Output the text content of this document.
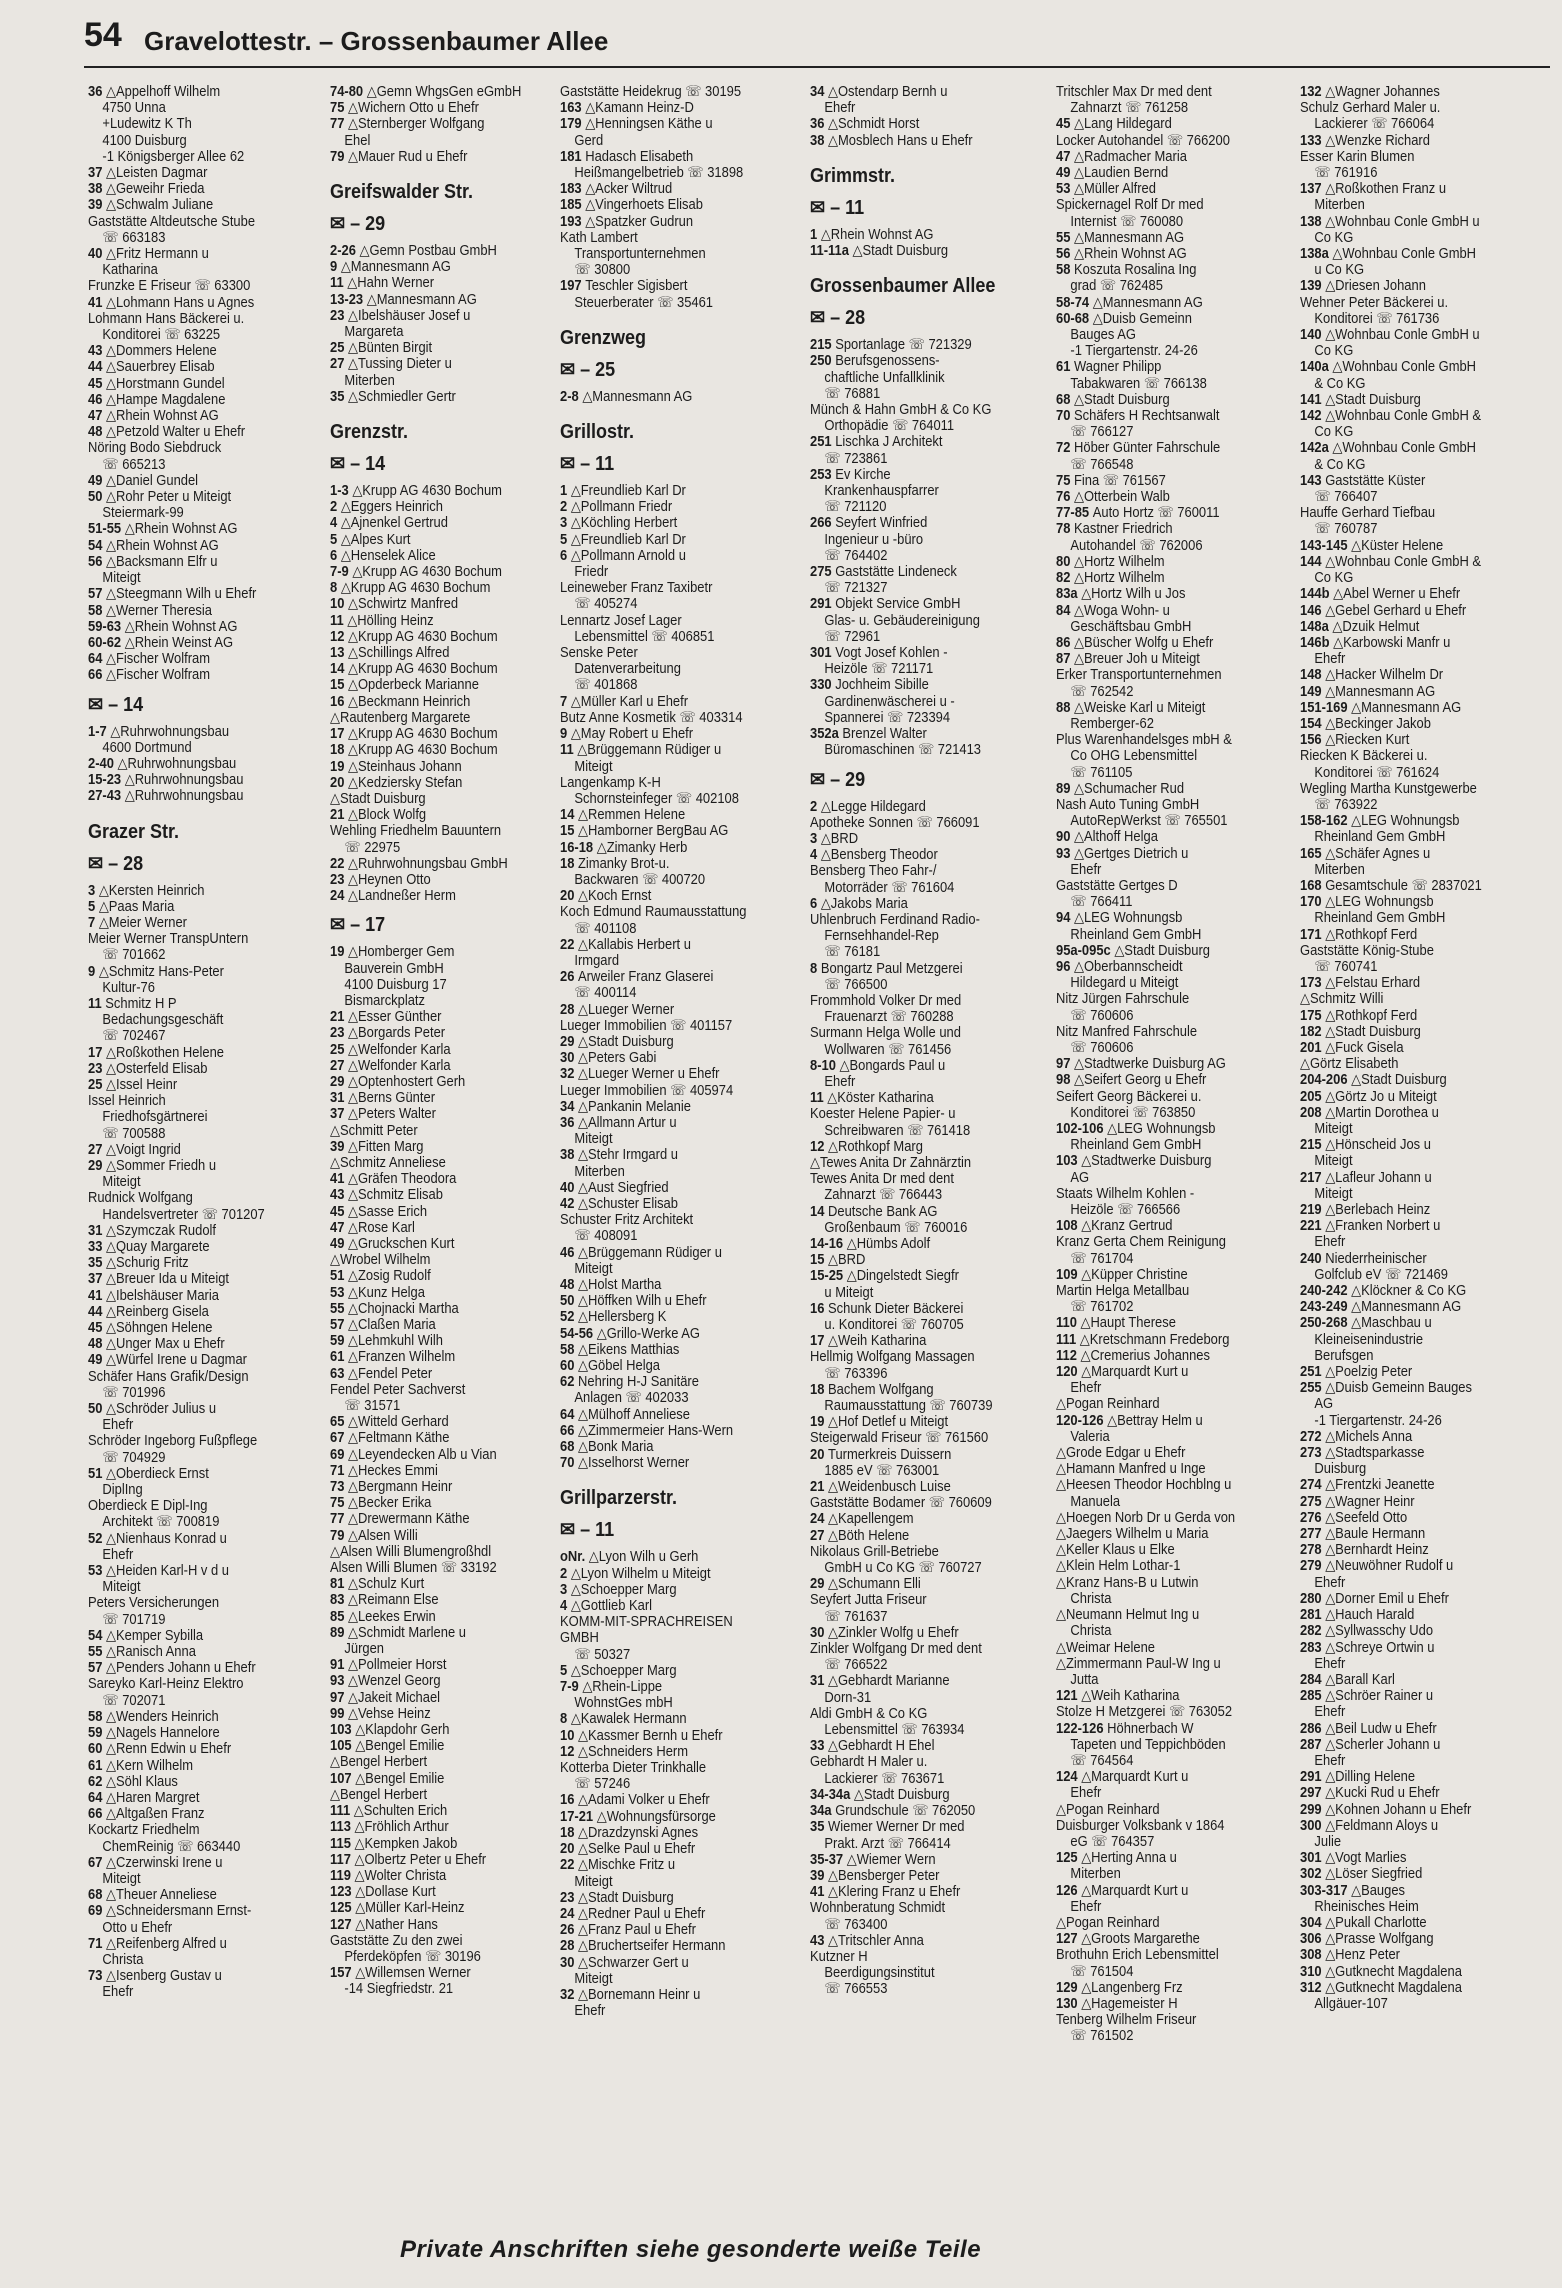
54 Gravelottestr. – Grossenbaumer Allee
36 △Appelhoff Wilhelm
4750 Unna
+Ludewitz K Th
4100 Duisburg
-1 Königsberger Allee 62
37 △Leisten Dagmar
38 △Geweihr Frieda
39 △Schwalm Juliane
Gaststätte Altdeutsche Stube
☏ 663183
40 △Fritz Hermann u
Katharina
Frunzke E Friseur ☏ 63300
41 △Lohmann Hans u Agnes
Lohmann Hans Bäckerei u.
Konditorei ☏ 63225
43 △Dommers Helene
44 △Sauerbrey Elisab
45 △Horstmann Gundel
46 △Hampe Magdalene
47 △Rhein Wohnst AG
48 △Petzold Walter u Ehefr
Nöring Bodo Siebdruck
☏ 665213
49 △Daniel Gundel
50 △Rohr Peter u Miteigt
Steiermark-99
51-55 △Rhein Wohnst AG
54 △Rhein Wohnst AG
56 △Backsmann Elfr u
Miteigt
57 △Steegmann Wilh u Ehefr
58 △Werner Theresia
59-63 △Rhein Wohnst AG
60-62 △Rhein Weinst AG
64 △Fischer Wolfram
66 △Fischer Wolfram
✉ – 14
1-7 △Ruhrwohnungsbau
4600 Dortmund
2-40 △Ruhrwohnungsbau
15-23 △Ruhrwohnungsbau
27-43 △Ruhrwohnungsbau
Grazer Str.
✉ – 28
3 △Kersten Heinrich
5 △Paas Maria
7 △Meier Werner
Meier Werner TranspUntern
☏ 701662
9 △Schmitz Hans-Peter
Kultur-76
11 Schmitz H P
Bedachungsgeschäft
☏ 702467
17 △Roßkothen Helene
23 △Osterfeld Elisab
25 △Issel Heinr
Issel Heinrich
Friedhofsgärtnerei
☏ 700588
27 △Voigt Ingrid
29 △Sommer Friedh u
Miteigt
Rudnick Wolfgang
Handelsvertreter ☏ 701207
31 △Szymczak Rudolf
33 △Quay Margarete
35 △Schurig Fritz
37 △Breuer Ida u Miteigt
41 △Ibelshäuser Maria
44 △Reinberg Gisela
45 △Söhngen Helene
48 △Unger Max u Ehefr
49 △Würfel Irene u Dagmar
Schäfer Hans Grafik/Design
☏ 701996
50 △Schröder Julius u
Ehefr
Schröder Ingeborg Fußpflege
☏ 704929
51 △Oberdieck Ernst
DiplIng
Oberdieck E Dipl-Ing
Architekt ☏ 700819
52 △Nienhaus Konrad u
Ehefr
53 △Heiden Karl-H v d u
Miteigt
Peters Versicherungen
☏ 701719
54 △Kemper Sybilla
55 △Ranisch Anna
57 △Penders Johann u Ehefr
Sareyko Karl-Heinz Elektro
☏ 702071
58 △Wenders Heinrich
59 △Nagels Hannelore
60 △Renn Edwin u Ehefr
61 △Kern Wilhelm
62 △Söhl Klaus
64 △Haren Margret
66 △Altgaßen Franz
Kockartz Friedhelm
ChemReinig ☏ 663440
67 △Czerwinski Irene u
Miteigt
68 △Theuer Anneliese
69 △Schneidersmann Ernst-
Otto u Ehefr
71 △Reifenberg Alfred u
Christa
73 △Isenberg Gustav u
Ehefr
74-80 △Gemn WhgsGen eGmbH
75 △Wichern Otto u Ehefr
77 △Sternberger Wolfgang
Ehel
79 △Mauer Rud u Ehefr
Greifswalder Str.
✉ – 29
2-26 △Gemn Postbau GmbH
9 △Mannesmann AG
11 △Hahn Werner
13-23 △Mannesmann AG
23 △Ibelshäuser Josef u
Margareta
25 △Bünten Birgit
27 △Tussing Dieter u
Miterben
35 △Schmiedler Gertr
Grenzstr.
✉ – 14
1-3 △Krupp AG 4630 Bochum
2 △Eggers Heinrich
4 △Ajnenkel Gertrud
5 △Alpes Kurt
6 △Henselek Alice
7-9 △Krupp AG 4630 Bochum
8 △Krupp AG 4630 Bochum
10 △Schwirtz Manfred
11 △Hölling Heinz
12 △Krupp AG 4630 Bochum
13 △Schillings Alfred
14 △Krupp AG 4630 Bochum
15 △Opderbeck Marianne
16 △Beckmann Heinrich
△Rautenberg Margarete
17 △Krupp AG 4630 Bochum
18 △Krupp AG 4630 Bochum
19 △Steinhaus Johann
20 △Kedziersky Stefan
△Stadt Duisburg
21 △Block Wolfg
Wehling Friedhelm Bauuntern
☏ 22975
22 △Ruhrwohnungsbau GmbH
23 △Heynen Otto
24 △Landneßer Herm
✉ – 17
19 △Homberger Gem
Bauverein GmbH
4100 Duisburg 17
Bismarckplatz
21 △Esser Günther
23 △Borgards Peter
25 △Welfonder Karla
27 △Welfonder Karla
29 △Optenhostert Gerh
31 △Berns Günter
37 △Peters Walter
△Schmitt Peter
39 △Fitten Marg
△Schmitz Anneliese
41 △Gräfen Theodora
43 △Schmitz Elisab
45 △Sasse Erich
47 △Rose Karl
49 △Gruckschen Kurt
△Wrobel Wilhelm
51 △Zosig Rudolf
53 △Kunz Helga
55 △Chojnacki Martha
57 △Claßen Maria
59 △Lehmkuhl Wilh
61 △Franzen Wilhelm
63 △Fendel Peter
Fendel Peter Sachverst
☏ 31571
65 △Witteld Gerhard
67 △Feltmann Käthe
69 △Leyendecken Alb u Vian
71 △Heckes Emmi
73 △Bergmann Heinr
75 △Becker Erika
77 △Drewermann Käthe
79 △Alsen Willi
△Alsen Willi Blumengroßhdl
Alsen Willi Blumen ☏ 33192
81 △Schulz Kurt
83 △Reimann Else
85 △Leekes Erwin
89 △Schmidt Marlene u
Jürgen
91 △Pollmeier Horst
93 △Wenzel Georg
97 △Jakeit Michael
99 △Vehse Heinz
103 △Klapdohr Gerh
105 △Bengel Emilie
△Bengel Herbert
107 △Bengel Emilie
△Bengel Herbert
111 △Schulten Erich
113 △Fröhlich Arthur
115 △Kempken Jakob
117 △Olbertz Peter u Ehefr
119 △Wolter Christa
123 △Dollase Kurt
125 △Müller Karl-Heinz
127 △Nather Hans
Gaststätte Zu den zwei
Pferdeköpfen ☏ 30196
157 △Willemsen Werner
-14 Siegfriedstr. 21
Gaststätte Heidekrug ☏ 30195
163 △Kamann Heinz-D
179 △Henningsen Käthe u
Gerd
181 Hadasch Elisabeth
Heißmangelbetrieb ☏ 31898
183 △Acker Wiltrud
185 △Vingerhoets Elisab
193 △Spatzker Gudrun
Kath Lambert
Transportunternehmen
☏ 30800
197 Teschler Sigisbert
Steuerberater ☏ 35461
Grenzweg
✉ – 25
2-8 △Mannesmann AG
Grillostr.
✉ – 11
1 △Freundlieb Karl Dr
2 △Pollmann Friedr
3 △Köchling Herbert
5 △Freundlieb Karl Dr
6 △Pollmann Arnold u
Friedr
Leineweber Franz Taxibetr
☏ 405274
Lennartz Josef Lager
Lebensmittel ☏ 406851
Senske Peter
Datenverarbeitung
☏ 401868
7 △Müller Karl u Ehefr
Butz Anne Kosmetik ☏ 403314
9 △May Robert u Ehefr
11 △Brüggemann Rüdiger u
Miteigt
Langenkamp K-H
Schornsteinfeger ☏ 402108
14 △Remmen Helene
15 △Hamborner BergBau AG
16-18 △Zimanky Herb
18 Zimanky Brot-u.
Backwaren ☏ 400720
20 △Koch Ernst
Koch Edmund Raumausstattung
☏ 401108
22 △Kallabis Herbert u
Irmgard
26 Arweiler Franz Glaserei
☏ 400114
28 △Lueger Werner
Lueger Immobilien ☏ 401157
29 △Stadt Duisburg
30 △Peters Gabi
32 △Lueger Werner u Ehefr
Lueger Immobilien ☏ 405974
34 △Pankanin Melanie
36 △Allmann Artur u
Miteigt
38 △Stehr Irmgard u
Miterben
40 △Aust Siegfried
42 △Schuster Elisab
Schuster Fritz Architekt
☏ 408091
46 △Brüggemann Rüdiger u
Miteigt
48 △Holst Martha
50 △Höffken Wilh u Ehefr
52 △Hellersberg K
54-56 △Grillo-Werke AG
58 △Eikens Matthias
60 △Göbel Helga
62 Nehring H-J Sanitäre
Anlagen ☏ 402033
64 △Mülhoff Anneliese
66 △Zimmermeier Hans-Wern
68 △Bonk Maria
70 △Isselhorst Werner
Grillparzerstr.
✉ – 11
oNr. △Lyon Wilh u Gerh
2 △Lyon Wilhelm u Miteigt
3 △Schoepper Marg
4 △Gottlieb Karl
KOMM-MIT-SPRACHREISEN GMBH
☏ 50327
5 △Schoepper Marg
7-9 △Rhein-Lippe
WohnstGes mbH
8 △Kawalek Hermann
10 △Kassmer Bernh u Ehefr
12 △Schneiders Herm
Kotterba Dieter Trinkhalle
☏ 57246
16 △Adami Volker u Ehefr
17-21 △Wohnungsfürsorge
18 △Drazdzynski Agnes
20 △Selke Paul u Ehefr
22 △Mischke Fritz u
Miteigt
23 △Stadt Duisburg
24 △Redner Paul u Ehefr
26 △Franz Paul u Ehefr
28 △Bruchertseifer Hermann
30 △Schwarzer Gert u
Miteigt
32 △Bornemann Heinr u
Ehefr
34 △Ostendarp Bernh u
Ehefr
36 △Schmidt Horst
38 △Mosblech Hans u Ehefr
Grimmstr.
✉ – 11
1 △Rhein Wohnst AG
11-11a △Stadt Duisburg
Grossenbaumer Allee
✉ – 28
215 Sportanlage ☏ 721329
250 Berufsgenossens-
chaftliche Unfallklinik
☏ 76881
Münch & Hahn GmbH & Co KG
Orthopädie ☏ 764011
251 Lischka J Architekt
☏ 723861
253 Ev Kirche
Krankenhauspfarrer
☏ 721120
266 Seyfert Winfried
Ingenieur u -büro
☏ 764402
275 Gaststätte Lindeneck
☏ 721327
291 Objekt Service GmbH
Glas- u. Gebäudereinigung
☏ 72961
301 Vogt Josef Kohlen -
Heizöle ☏ 721171
330 Jochheim Sibille
Gardinenwäscherei u -
Spannerei ☏ 723394
352a Brenzel Walter
Büromaschinen ☏ 721413
✉ – 29
2 △Legge Hildegard
Apotheke Sonnen ☏ 766091
3 △BRD
4 △Bensberg Theodor
Bensberg Theo Fahr-/
Motorräder ☏ 761604
6 △Jakobs Maria
Uhlenbruch Ferdinand Radio-
Fernsehhandel-Rep
☏ 76181
8 Bongartz Paul Metzgerei
☏ 766500
Frommhold Volker Dr med
Frauenarzt ☏ 760288
Surmann Helga Wolle und
Wollwaren ☏ 761456
8-10 △Bongards Paul u
Ehefr
11 △Köster Katharina
Koester Helene Papier- u
Schreibwaren ☏ 761418
12 △Rothkopf Marg
△Tewes Anita Dr Zahnärztin
Tewes Anita Dr med dent
Zahnarzt ☏ 766443
14 Deutsche Bank AG
Großenbaum ☏ 760016
14-16 △Hümbs Adolf
15 △BRD
15-25 △Dingelstedt Siegfr
u Miteigt
16 Schunk Dieter Bäckerei
u. Konditorei ☏ 760705
17 △Weih Katharina
Hellmig Wolfgang Massagen
☏ 763396
18 Bachem Wolfgang
Raumausstattung ☏ 760739
19 △Hof Detlef u Miteigt
Steigerwald Friseur ☏ 761560
20 Turmerkreis Duissern
1885 eV ☏ 763001
21 △Weidenbusch Luise
Gaststätte Bodamer ☏ 760609
24 △Kapellengem
27 △Böth Helene
Nikolaus Grill-Betriebe
GmbH u Co KG ☏ 760727
29 △Schumann Elli
Seyfert Jutta Friseur
☏ 761637
30 △Zinkler Wolfg u Ehefr
Zinkler Wolfgang Dr med dent
☏ 766522
31 △Gebhardt Marianne
Dorn-31
Aldi GmbH & Co KG
Lebensmittel ☏ 763934
33 △Gebhardt H Ehel
Gebhardt H Maler u.
Lackierer ☏ 763671
34-34a △Stadt Duisburg
34a Grundschule ☏ 762050
35 Wiemer Werner Dr med
Prakt. Arzt ☏ 766414
35-37 △Wiemer Wern
39 △Bensberger Peter
41 △Klering Franz u Ehefr
Wohnberatung Schmidt
☏ 763400
43 △Tritschler Anna
Kutzner H
Beerdigungsinstitut
☏ 766553
Tritschler Max Dr med dent
Zahnarzt ☏ 761258
45 △Lang Hildegard
Locker Autohandel ☏ 766200
47 △Radmacher Maria
49 △Laudien Bernd
53 △Müller Alfred
Spickernagel Rolf Dr med
Internist ☏ 760080
55 △Mannesmann AG
56 △Rhein Wohnst AG
58 Koszuta Rosalina Ing
grad ☏ 762485
58-74 △Mannesmann AG
60-68 △Duisb Gemeinn
Bauges AG
-1 Tiergartenstr. 24-26
61 Wagner Philipp
Tabakwaren ☏ 766138
68 △Stadt Duisburg
70 Schäfers H Rechtsanwalt
☏ 766127
72 Höber Günter Fahrschule
☏ 766548
75 Fina ☏ 761567
76 △Otterbein Walb
77-85 Auto Hortz ☏ 760011
78 Kastner Friedrich
Autohandel ☏ 762006
80 △Hortz Wilhelm
82 △Hortz Wilhelm
83a △Hortz Wilh u Jos
84 △Woga Wohn- u
Geschäftsbau GmbH
86 △Büscher Wolfg u Ehefr
87 △Breuer Joh u Miteigt
Erker Transportunternehmen
☏ 762542
88 △Weiske Karl u Miteigt
Remberger-62
Plus Warenhandelsges mbH &
Co OHG Lebensmittel
☏ 761105
89 △Schumacher Rud
Nash Auto Tuning GmbH
AutoRepWerkst ☏ 765501
90 △Althoff Helga
93 △Gertges Dietrich u
Ehefr
Gaststätte Gertges D
☏ 766411
94 △LEG Wohnungsb
Rheinland Gem GmbH
95a-095c △Stadt Duisburg
96 △Oberbannscheidt
Hildegard u Miteigt
Nitz Jürgen Fahrschule
☏ 760606
Nitz Manfred Fahrschule
☏ 760606
97 △Stadtwerke Duisburg AG
98 △Seifert Georg u Ehefr
Seifert Georg Bäckerei u.
Konditorei ☏ 763850
102-106 △LEG Wohnungsb
Rheinland Gem GmbH
103 △Stadtwerke Duisburg
AG
Staats Wilhelm Kohlen -
Heizöle ☏ 766566
108 △Kranz Gertrud
Kranz Gerta Chem Reinigung
☏ 761704
109 △Küpper Christine
Martin Helga Metallbau
☏ 761702
110 △Haupt Therese
111 △Kretschmann Fredeborg
112 △Cremerius Johannes
120 △Marquardt Kurt u
Ehefr
△Pogan Reinhard
120-126 △Bettray Helm u
Valeria
△Grode Edgar u Ehefr
△Hamann Manfred u Inge
△Heesen Theodor Hochblng u
Manuela
△Hoegen Norb Dr u Gerda von
△Jaegers Wilhelm u Maria
△Keller Klaus u Elke
△Klein Helm Lothar-1
△Kranz Hans-B u Lutwin
Christa
△Neumann Helmut Ing u
Christa
△Weimar Helene
△Zimmermann Paul-W Ing u
Jutta
121 △Weih Katharina
Stolze H Metzgerei ☏ 763052
122-126 Höhnerbach W
Tapeten und Teppichböden
☏ 764564
124 △Marquardt Kurt u
Ehefr
△Pogan Reinhard
Duisburger Volksbank v 1864
eG ☏ 764357
125 △Herting Anna u
Miterben
126 △Marquardt Kurt u
Ehefr
△Pogan Reinhard
127 △Groots Margarethe
Brothuhn Erich Lebensmittel
☏ 761504
129 △Langenberg Frz
130 △Hagemeister H
Tenberg Wilhelm Friseur
☏ 761502
132 △Wagner Johannes
Schulz Gerhard Maler u.
Lackierer ☏ 766064
133 △Wenzke Richard
Esser Karin Blumen
☏ 761916
137 △Roßkothen Franz u
Miterben
138 △Wohnbau Conle GmbH u
Co KG
138a △Wohnbau Conle GmbH
u Co KG
139 △Driesen Johann
Wehner Peter Bäckerei u.
Konditorei ☏ 761736
140 △Wohnbau Conle GmbH u
Co KG
140a △Wohnbau Conle GmbH
& Co KG
141 △Stadt Duisburg
142 △Wohnbau Conle GmbH &
Co KG
142a △Wohnbau Conle GmbH
& Co KG
143 Gaststätte Küster
☏ 766407
Hauffe Gerhard Tiefbau
☏ 760787
143-145 △Küster Helene
144 △Wohnbau Conle GmbH &
Co KG
144b △Abel Werner u Ehefr
146 △Gebel Gerhard u Ehefr
148a △Dzuik Helmut
146b △Karbowski Manfr u
Ehefr
148 △Hacker Wilhelm Dr
149 △Mannesmann AG
151-169 △Mannesmann AG
154 △Beckinger Jakob
156 △Riecken Kurt
Riecken K Bäckerei u.
Konditorei ☏ 761624
Wegling Martha Kunstgewerbe
☏ 763922
158-162 △LEG Wohnungsb
Rheinland Gem GmbH
165 △Schäfer Agnes u
Miterben
168 Gesamtschule ☏ 2837021
170 △LEG Wohnungsb
Rheinland Gem GmbH
171 △Rothkopf Ferd
Gaststätte König-Stube
☏ 760741
173 △Felstau Erhard
△Schmitz Willi
175 △Rothkopf Ferd
182 △Stadt Duisburg
201 △Fuck Gisela
△Görtz Elisabeth
204-206 △Stadt Duisburg
205 △Görtz Jo u Miteigt
208 △Martin Dorothea u
Miteigt
215 △Hönscheid Jos u
Miteigt
217 △Lafleur Johann u
Miteigt
219 △Berlebach Heinz
221 △Franken Norbert u
Ehefr
240 Niederrheinischer
Golfclub eV ☏ 721469
240-242 △Klöckner & Co KG
243-249 △Mannesmann AG
250-268 △Maschbau u
Kleineisenindustrie
Berufsgen
251 △Poelzig Peter
255 △Duisb Gemeinn Bauges
AG
-1 Tiergartenstr. 24-26
272 △Michels Anna
273 △Stadtsparkasse
Duisburg
274 △Frentzki Jeanette
275 △Wagner Heinr
276 △Seefeld Otto
277 △Baule Hermann
278 △Bernhardt Heinz
279 △Neuwöhner Rudolf u
Ehefr
280 △Dorner Emil u Ehefr
281 △Hauch Harald
282 △Syllwasschy Udo
283 △Schreye Ortwin u
Ehefr
284 △Barall Karl
285 △Schröer Rainer u
Ehefr
286 △Beil Ludw u Ehefr
287 △Scherler Johann u
Ehefr
291 △Dilling Helene
297 △Kucki Rud u Ehefr
299 △Kohnen Johann u Ehefr
300 △Feldmann Aloys u
Julie
301 △Vogt Marlies
302 △Löser Siegfried
303-317 △Bauges
Rheinisches Heim
304 △Pukall Charlotte
306 △Prasse Wolfgang
308 △Henz Peter
310 △Gutknecht Magdalena
312 △Gutknecht Magdalena
Allgäuer-107
Private Anschriften siehe gesonderte weiße Teile
